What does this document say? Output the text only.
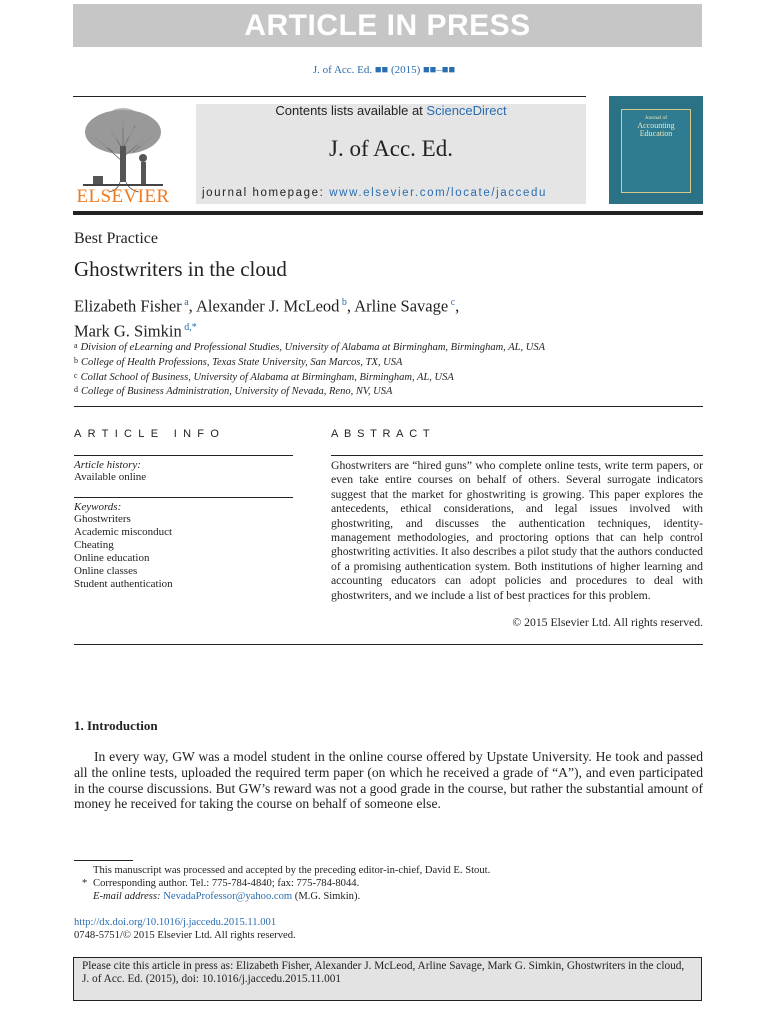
ARTICLE IN PRESS
J. of Acc. Ed. ■■ (2015) ■■–■■
ELSEVIER
Contents lists available at ScienceDirect
J. of Acc. Ed.
journal homepage: www.elsevier.com/locate/jaccedu
Journal of
Accounting
Education
Best Practice
Ghostwriters in the cloud
Elizabeth Fisher $^a$, Alexander J. McLeod $^b$, Arline Savage $^c$,
Mark G. Simkin $^{d,*}$
a Division of eLearning and Professional Studies, University of Alabama at Birmingham, Birmingham, AL, USA
b College of Health Professions, Texas State University, San Marcos, TX, USA
c Collat School of Business, University of Alabama at Birmingham, Birmingham, AL, USA
d College of Business Administration, University of Nevada, Reno, NV, USA
ARTICLE INFO	ABSTRACT
Article history:
Available online
Keywords:
Ghostwriters
Academic misconduct
Cheating
Online education
Online classes
Student authentication
Ghostwriters are “hired guns” who complete online tests, write term papers, or even take entire courses on behalf of others. Several surrogate indicators suggest that the market for ghostwriting is growing. This paper explores the antecedents, ethical considerations, and legal issues involved with ghostwriting, and discusses the authentication techniques, identity-management methodologies, and proctoring options that can help control ghostwriting activities. It also describes a pilot study that the authors conducted of a promising authentication system. Both institutions of higher learning and accounting educators can adopt policies and procedures to deal with ghostwriters, and we include a list of best practices for this problem.
© 2015 Elsevier Ltd. All rights reserved.
1. Introduction
In every way, GW was a model student in the online course offered by Upstate University. He took and passed all the online tests, uploaded the required term paper (on which he received a grade of “A”), and even participated in the course discussions. But GW’s reward was not a good grade in the course, but rather the substantial amount of money he received for taking the course on behalf of someone else.
This manuscript was processed and accepted by the preceding editor-in-chief, David E. Stout.
* Corresponding author. Tel.: 775-784-4840; fax: 775-784-8044.
E-mail address: NevadaProfessor@yahoo.com (M.G. Simkin).
http://dx.doi.org/10.1016/j.jaccedu.2015.11.001
0748-5751/© 2015 Elsevier Ltd. All rights reserved.
Please cite this article in press as: Elizabeth Fisher, Alexander J. McLeod, Arline Savage, Mark G. Simkin, Ghostwriters in the cloud, J. of Acc. Ed. (2015), doi: 10.1016/j.jaccedu.2015.11.001
